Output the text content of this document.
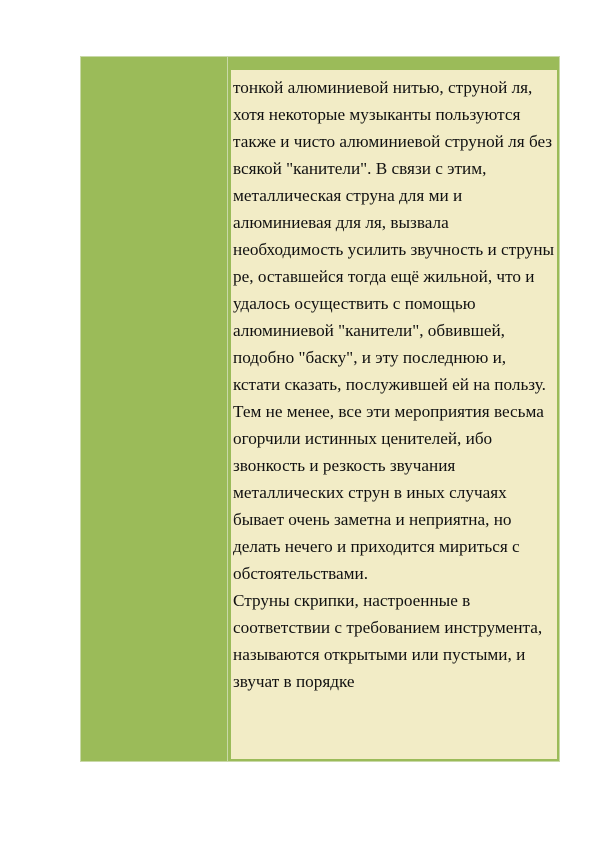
тонкой алюминиевой нитью, струной ля, хотя некоторые музыканты пользуются также и чисто алюминиевой струной ля без всякой "канители". В связи с этим, металлическая струна для ми и алюминиевая для ля, вызвала необходимость усилить звучность и струны ре, оставшейся тогда ещё жильной, что и удалось осуществить с помощью алюминиевой "канители", обвившей, подобно "баску", и эту последнюю и, кстати сказать, послужившей ей на пользу. Тем не менее, все эти мероприятия весьма огорчили истинных ценителей, ибо звонкость и резкость звучания металлических струн в иных случаях бывает очень заметна и неприятна, но делать нечего и приходится мириться с обстоятельствами.
Струны скрипки, настроенные в соответствии с требованием инструмента, называются открытыми или пустыми, и звучат в порядке
